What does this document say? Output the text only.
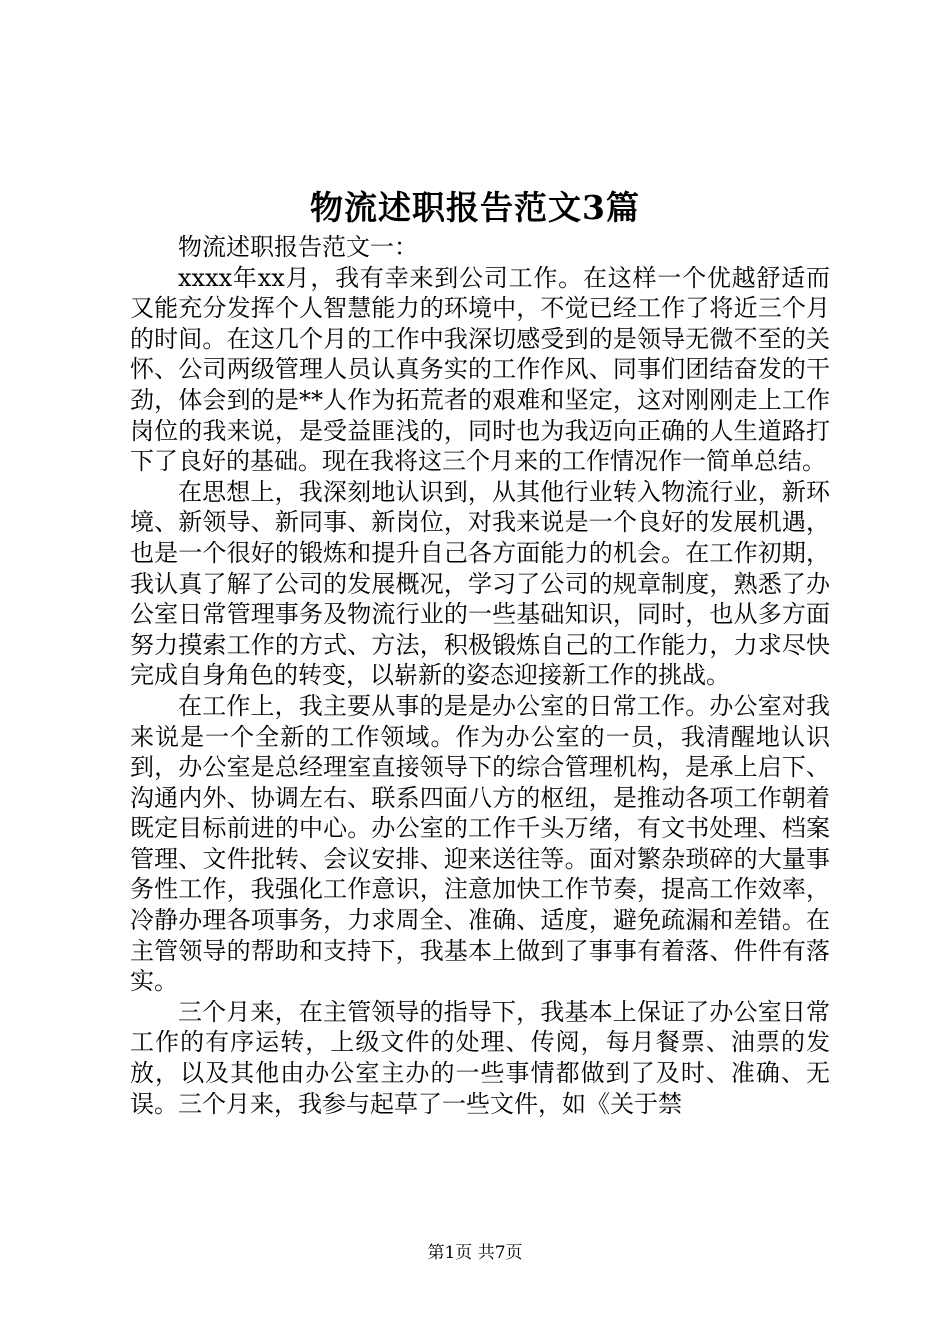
物流述职报告范文3篇

物流述职报告范文一：

xxxx年xx月，我有幸来到公司工作。在这样一个优越舒适而又能充分发挥个人智慧能力的环境中，不觉已经工作了将近三个月的时间。在这几个月的工作中我深切感受到的是领导无微不至的关怀、公司两级管理人员认真务实的工作作风、同事们团结奋发的干劲，体会到的是**人作为拓荒者的艰难和坚定，这对刚刚走上工作岗位的我来说，是受益匪浅的，同时也为我迈向正确的人生道路打下了良好的基础。现在我将这三个月来的工作情况作一简单总结。

在思想上，我深刻地认识到，从其他行业转入物流行业，新环境、新领导、新同事、新岗位，对我来说是一个良好的发展机遇，也是一个很好的锻炼和提升自己各方面能力的机会。在工作初期，我认真了解了公司的发展概况，学习了公司的规章制度，熟悉了办公室日常管理事务及物流行业的一些基础知识，同时，也从多方面努力摸索工作的方式、方法，积极锻炼自己的工作能力，力求尽快完成自身角色的转变，以崭新的姿态迎接新工作的挑战。

在工作上，我主要从事的是是办公室的日常工作。办公室对我来说是一个全新的工作领域。作为办公室的一员，我清醒地认识到，办公室是总经理室直接领导下的综合管理机构，是承上启下、沟通内外、协调左右、联系四面八方的枢纽，是推动各项工作朝着既定目标前进的中心。办公室的工作千头万绪，有文书处理、档案管理、文件批转、会议安排、迎来送往等。面对繁杂琐碎的大量事务性工作，我强化工作意识，注意加快工作节奏，提高工作效率，冷静办理各项事务，力求周全、准确、适度，避免疏漏和差错。在主管领导的帮助和支持下，我基本上做到了事事有着落、件件有落实。

三个月来，在主管领导的指导下，我基本上保证了办公室日常工作的有序运转，上级文件的处理、传阅，每月餐票、油票的发放，以及其他由办公室主办的一些事情都做到了及时、准确、无误。三个月来，我参与起草了一些文件，如《关于禁

第1页 共7页
